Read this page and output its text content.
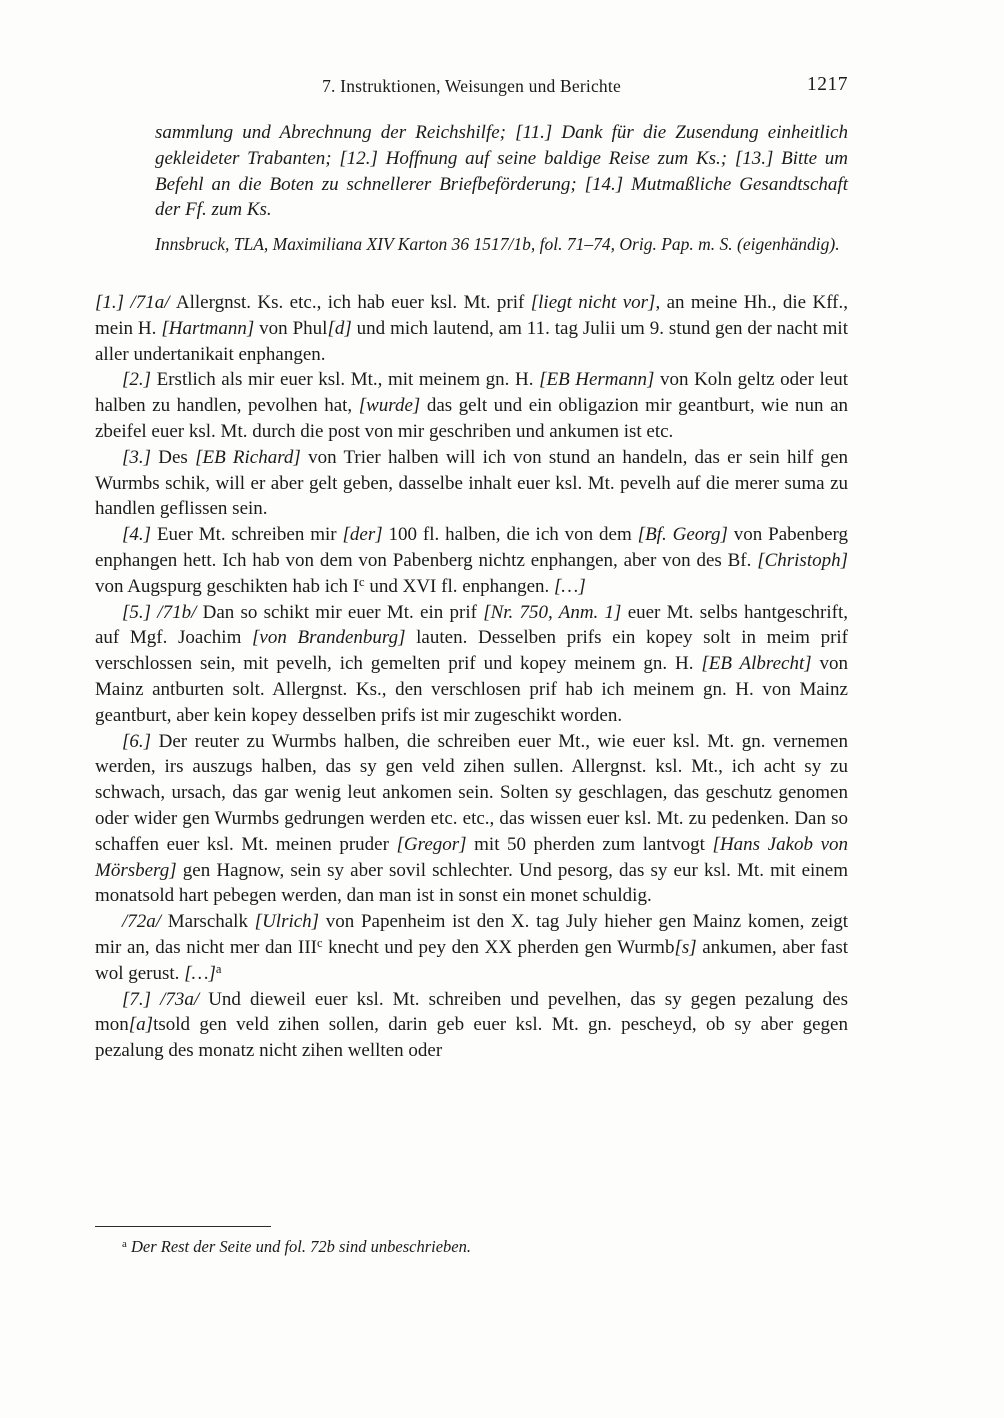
7. Instruktionen, Weisungen und Berichte	1217
sammlung und Abrechnung der Reichshilfe; [11.] Dank für die Zusendung einheitlich gekleideter Trabanten; [12.] Hoffnung auf seine baldige Reise zum Ks.; [13.] Bitte um Befehl an die Boten zu schnellerer Briefbeförderung; [14.] Mutmaßliche Gesandtschaft der Ff. zum Ks.
Innsbruck, TLA, Maximiliana XIV Karton 36 1517/1b, fol. 71–74, Orig. Pap. m. S. (eigenhändig).

[1.] /71a/ Allergnst. Ks. etc., ich hab euer ksl. Mt. prif [liegt nicht vor], an meine Hh., die Kff., mein H. [Hartmann] von Phul[d] und mich lautend, am 11. tag Julii um 9. stund gen der nacht mit aller undertanikait enphangen.

[2.] Erstlich als mir euer ksl. Mt., mit meinem gn. H. [EB Hermann] von Koln geltz oder leut halben zu handlen, pevolhen hat, [wurde] das gelt und ein obligazion mir geantburt, wie nun an zbeifel euer ksl. Mt. durch die post von mir geschriben und ankumen ist etc.

[3.] Des [EB Richard] von Trier halben will ich von stund an handeln, das er sein hilf gen Wurmbs schik, will er aber gelt geben, dasselbe inhalt euer ksl. Mt. pevelh auf die merer suma zu handlen geflissen sein.

[4.] Euer Mt. schreiben mir [der] 100 fl. halben, die ich von dem [Bf. Georg] von Pabenberg enphangen hett. Ich hab von dem von Pabenberg nichtz enphangen, aber von des Bf. [Christoph] von Augspurg geschikten hab ich $I^c$ und XVI fl. enphangen. […]

[5.] /71b/ Dan so schikt mir euer Mt. ein prif [Nr. 750, Anm. 1] euer Mt. selbs hantgeschrift, auf Mgf. Joachim [von Brandenburg] lauten. Desselben prifs ein kopey solt in meim prif verschlossen sein, mit pevelh, ich gemelten prif und kopey meinem gn. H. [EB Albrecht] von Mainz antburten solt. Allergnst. Ks., den verschlosen prif hab ich meinem gn. H. von Mainz geantburt, aber kein kopey desselben prifs ist mir zugeschikt worden.

[6.] Der reuter zu Wurmbs halben, die schreiben euer Mt., wie euer ksl. Mt. gn. vernemen werden, irs auszugs halben, das sy gen veld zihen sullen. Allergnst. ksl. Mt., ich acht sy zu schwach, ursach, das gar wenig leut ankomen sein. Solten sy geschlagen, das geschutz genomen oder wider gen Wurmbs gedrungen werden etc. etc., das wissen euer ksl. Mt. zu pedenken. Dan so schaffen euer ksl. Mt. meinen pruder [Gregor] mit 50 pherden zum lantvogt [Hans Jakob von Mörsberg] gen Hagnow, sein sy aber sovil schlechter. Und pesorg, das sy eur ksl. Mt. mit einem monatsold hart pebegen werden, dan man ist in sonst ein monet schuldig.

/72a/ Marschalk [Ulrich] von Papenheim ist den X. tag July hieher gen Mainz komen, zeigt mir an, das nicht mer dan III$^c$ knecht und pey den XX pherden gen Wurmb[s] ankumen, aber fast wol gerust. […]$^a$

[7.] /73a/ Und dieweil euer ksl. Mt. schreiben und pevelhen, das sy gegen pezalung des mon[a]tsold gen veld zihen sollen, darin geb euer ksl. Mt. gn. pescheyd, ob sy aber gegen pezalung des monatz nicht zihen wellten oder

$^a$ Der Rest der Seite und fol. 72b sind unbeschrieben.
